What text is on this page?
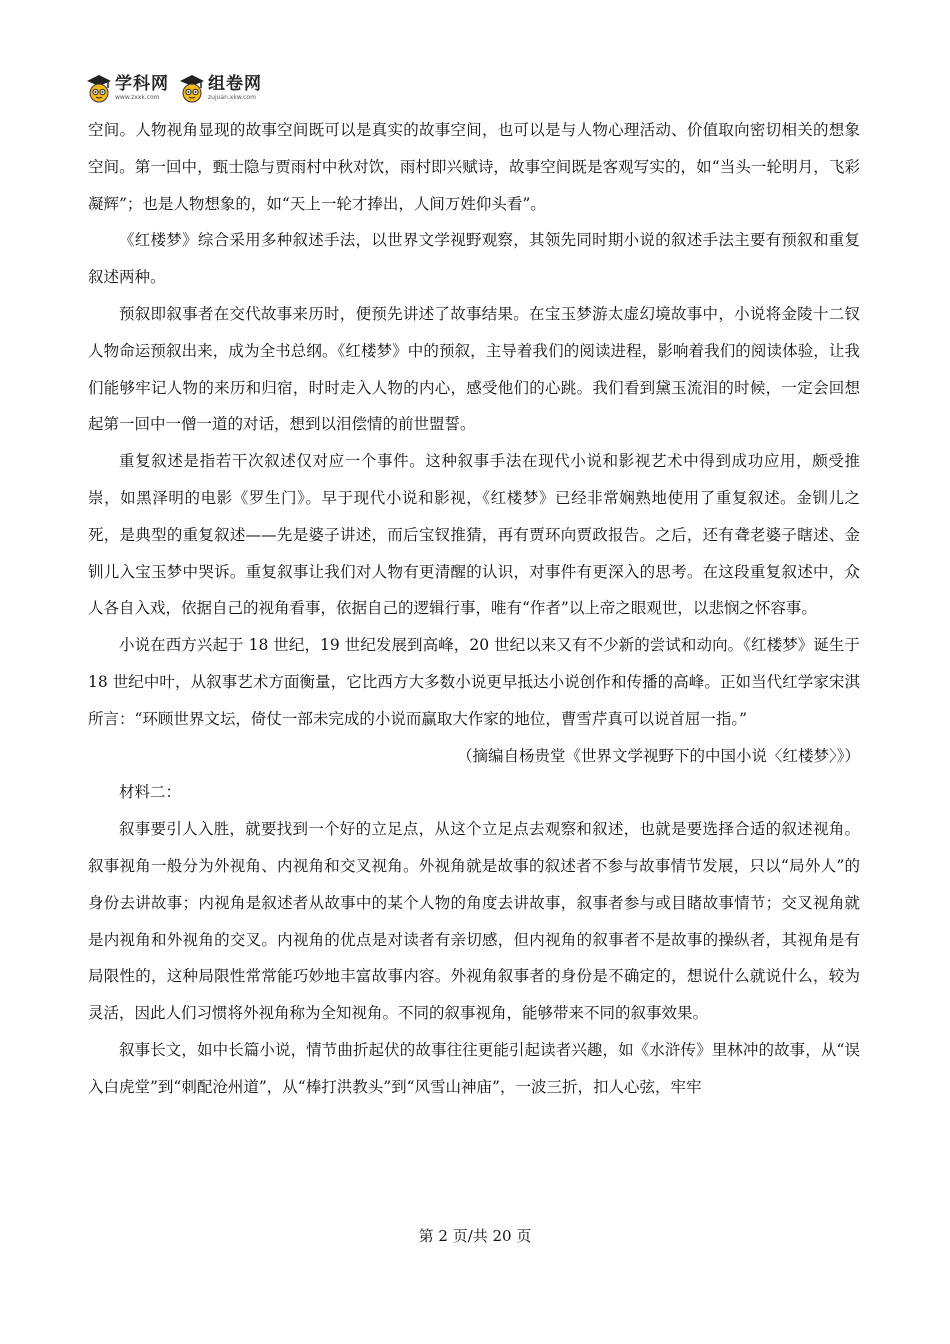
学科网
www.zxxk.com
组卷网
zujuan.xkw.com

空间。人物视角显现的故事空间既可以是真实的故事空间，也可以是与人物心理活动、价值取向密切相关的想象空间。第一回中，甄士隐与贾雨村中秋对饮，雨村即兴赋诗，故事空间既是客观写实的，如“当头一轮明月，飞彩凝辉”；也是人物想象的，如“天上一轮才捧出，人间万姓仰头看”。

《红楼梦》综合采用多种叙述手法，以世界文学视野观察，其领先同时期小说的叙述手法主要有预叙和重复叙述两种。

预叙即叙事者在交代故事来历时，便预先讲述了故事结果。在宝玉梦游太虚幻境故事中，小说将金陵十二钗人物命运预叙出来，成为全书总纲。《红楼梦》中的预叙，主导着我们的阅读进程，影响着我们的阅读体验，让我们能够牢记人物的来历和归宿，时时走入人物的内心，感受他们的心跳。我们看到黛玉流泪的时候，一定会回想起第一回中一僧一道的对话，想到以泪偿情的前世盟誓。

重复叙述是指若干次叙述仅对应一个事件。这种叙事手法在现代小说和影视艺术中得到成功应用，颇受推崇，如黑泽明的电影《罗生门》。早于现代小说和影视，《红楼梦》已经非常娴熟地使用了重复叙述。金钏儿之死，是典型的重复叙述——先是婆子讲述，而后宝钗推猜，再有贾环向贾政报告。之后，还有聋老婆子瞎述、金钏儿入宝玉梦中哭诉。重复叙事让我们对人物有更清醒的认识，对事件有更深入的思考。在这段重复叙述中，众人各自入戏，依据自己的视角看事，依据自己的逻辑行事，唯有“作者”以上帝之眼观世，以悲悯之怀容事。

小说在西方兴起于 18 世纪，19 世纪发展到高峰，20 世纪以来又有不少新的尝试和动向。《红楼梦》诞生于 18 世纪中叶，从叙事艺术方面衡量，它比西方大多数小说更早抵达小说创作和传播的高峰。正如当代红学家宋淇所言：“环顾世界文坛，倚仗一部未完成的小说而赢取大作家的地位，曹雪芹真可以说首屈一指。”

（摘编自杨贵堂《世界文学视野下的中国小说〈红楼梦〉》）

材料二：

叙事要引人入胜，就要找到一个好的立足点，从这个立足点去观察和叙述，也就是要选择合适的叙述视角。叙事视角一般分为外视角、内视角和交叉视角。外视角就是故事的叙述者不参与故事情节发展，只以“局外人”的身份去讲故事；内视角是叙述者从故事中的某个人物的角度去讲故事，叙事者参与或目睹故事情节；交叉视角就是内视角和外视角的交叉。内视角的优点是对读者有亲切感，但内视角的叙事者不是故事的操纵者，其视角是有局限性的，这种局限性常常能巧妙地丰富故事内容。外视角叙事者的身份是不确定的，想说什么就说什么，较为灵活，因此人们习惯将外视角称为全知视角。不同的叙事视角，能够带来不同的叙事效果。

叙事长文，如中长篇小说，情节曲折起伏的故事往往更能引起读者兴趣，如《水浒传》里林冲的故事，从“误入白虎堂”到“刺配沧州道”，从“棒打洪教头”到“风雪山神庙”，一波三折，扣人心弦，牢牢

第 2 页/共 20 页
